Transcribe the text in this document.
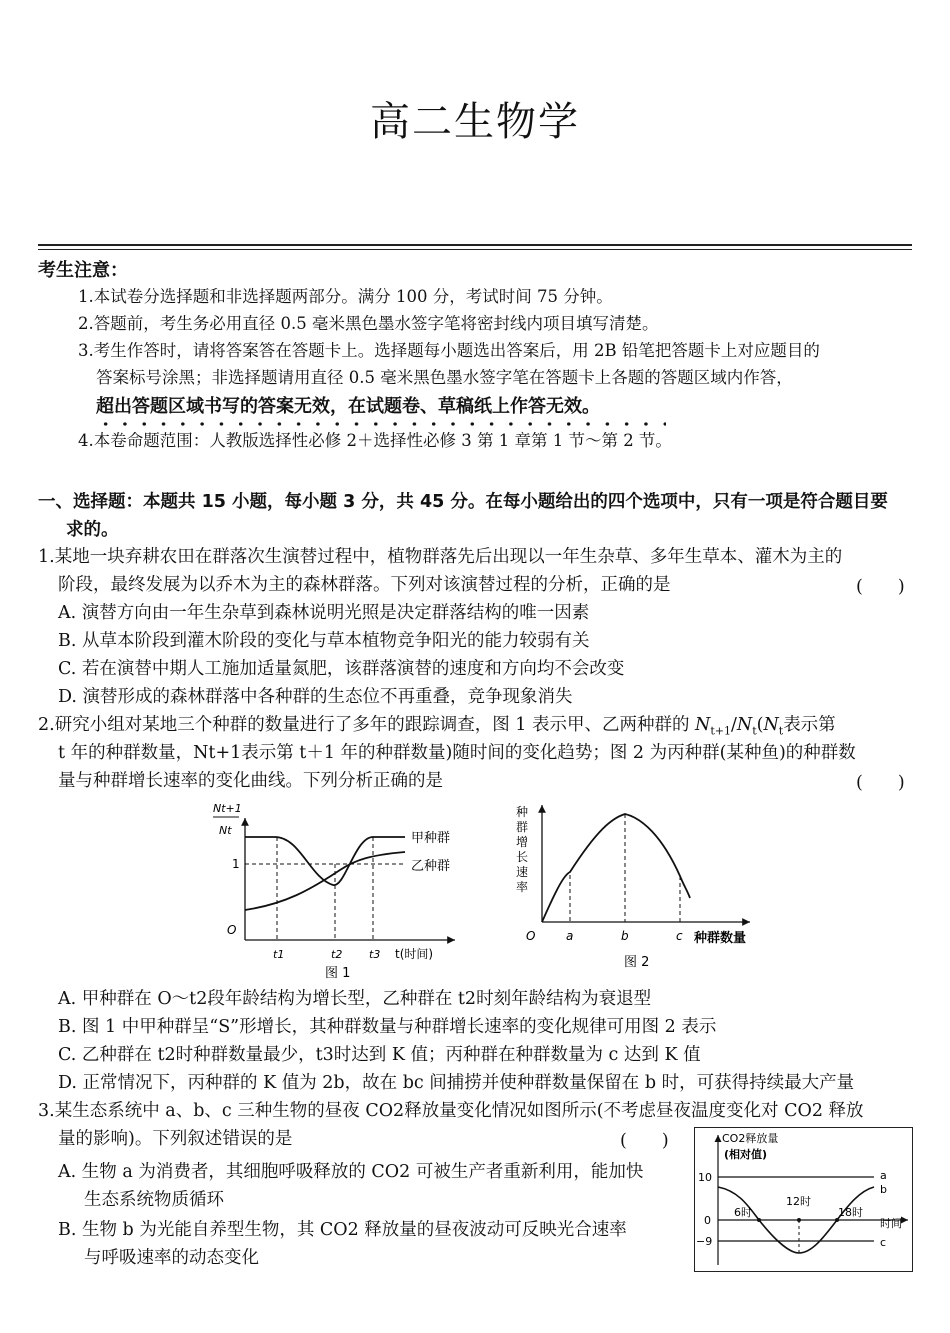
高二生物学
考生注意：
1.本试卷分选择题和非选择题两部分。满分 100 分，考试时间 75 分钟。
2.答题前，考生务必用直径 0.5 毫米黑色墨水签字笔将密封线内项目填写清楚。
3.考生作答时，请将答案答在答题卡上。选择题每小题选出答案后，用 2B 铅笔把答题卡上对应题目的
答案标号涂黑；非选择题请用直径 0.5 毫米黑色墨水签字笔在答题卡上各题的答题区域内作答，
超出答题区域书写的答案无效，在试题卷、草稿纸上作答无效。
4.本卷命题范围：人教版选择性必修 2＋选择性必修 3 第 1 章第 1 节～第 2 节。
一、选择题：本题共 15 小题，每小题 3 分，共 45 分。在每小题给出的四个选项中，只有一项是符合题目要
求的。
1.某地一块弃耕农田在群落次生演替过程中，植物群落先后出现以一年生杂草、多年生草本、灌木为主的
阶段，最终发展为以乔木为主的森林群落。下列对该演替过程的分析，正确的是	(　　)
A. 演替方向由一年生杂草到森林说明光照是决定群落结构的唯一因素
B. 从草本阶段到灌木阶段的变化与草本植物竞争阳光的能力较弱有关
C. 若在演替中期人工施加适量氮肥，该群落演替的速度和方向均不会改变
D. 演替形成的森林群落中各种群的生态位不再重叠，竞争现象消失
2.研究小组对某地三个种群的数量进行了多年的跟踪调查，图 1 表示甲、乙两种群的 $N_{t+1}/N_t(N_t$表示第
t 年的种群数量，Nt+1表示第 t＋1 年的种群数量)随时间的变化趋势；图 2 为丙种群(某种鱼)的种群数
量与种群增长速率的变化曲线。下列分析正确的是	(　　)
Nt+1
Nt
1
O
甲种群
乙种群
t1	t2 t3 t(时间)
图 1
种
群
增
长
速
率
O	a	b	c 种群数量
图 2
A. 甲种群在 O～t2段年龄结构为增长型，乙种群在 t2时刻年龄结构为衰退型
B. 图 1 中甲种群呈“S”形增长，其种群数量与种群增长速率的变化规律可用图 2 表示
C. 乙种群在 t2时种群数量最少，t3时达到 K 值；丙种群在种群数量为 c 达到 K 值
D. 正常情况下，丙种群的 K 值为 2b，故在 bc 间捕捞并使种群数量保留在 b 时，可获得持续最大产量
3.某生态系统中 a、b、c 三种生物的昼夜 CO2释放量变化情况如图所示(不考虑昼夜温度变化对 CO2 释放
量的影响)。下列叙述错误的是	(　　)
A. 生物 a 为消费者，其细胞呼吸释放的 CO2 可被生产者重新利用，能加快
生态系统物质循环
B. 生物 b 为光能自养型生物，其 CO2 释放量的昼夜波动可反映光合速率
与呼吸速率的动态变化
CO2释放量
(相对值)
10
0
−9
6时
12时
18时
时间
a
b
c
